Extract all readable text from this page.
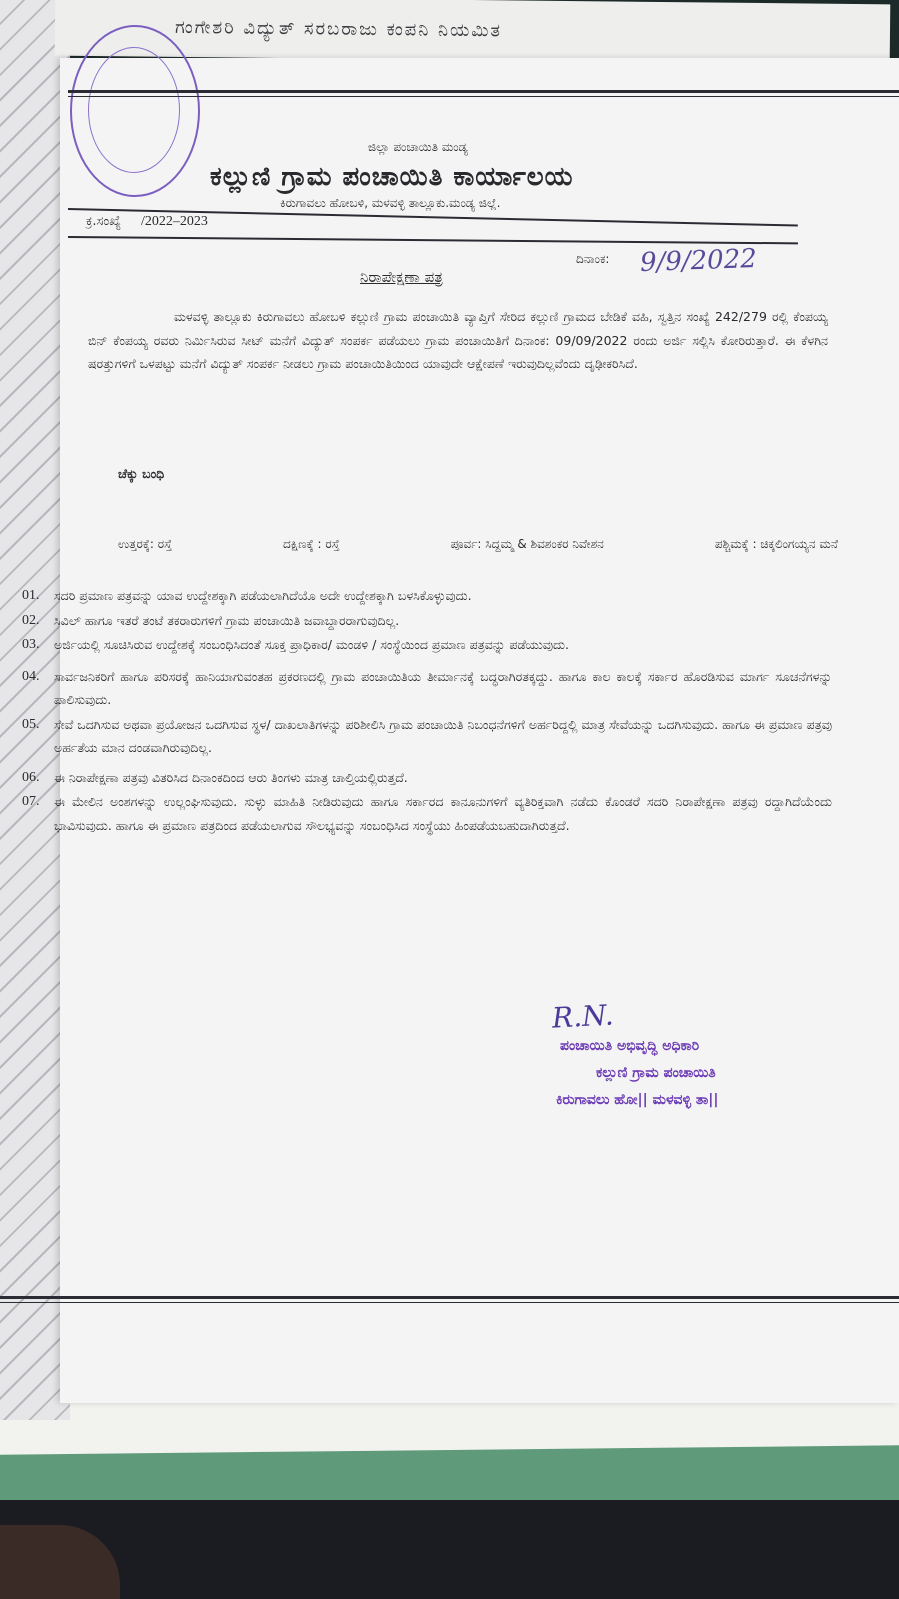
ಗಂಗೇಶರಿ ವಿದ್ಯುತ್ ಸರಬರಾಜು ಕಂಪನಿ ನಿಯಮಿತ
ಜಿಲ್ಲಾ ಪಂಚಾಯಿತಿ ಮಂಡ್ಯ
ಕಲ್ಲುಣಿ ಗ್ರಾಮ ಪಂಚಾಯಿತಿ ಕಾರ್ಯಾಲಯ
ಕಿರುಗಾವಲು ಹೋಬಳಿ, ಮಳವಳ್ಳಿ ತಾಲ್ಲೂಕು.ಮಂಡ್ಯ ಜಿಲ್ಲೆ.
ಕ್ರ.ಸಂಖ್ಯೆ /2022–2023
ದಿನಾಂಕ: 9/9/2022
ನಿರಾಪೇಕ್ಷಣಾ ಪತ್ರ
ಮಳವಳ್ಳಿ ತಾಲ್ಲೂಕು ಕಿರುಗಾವಲು ಹೋಬಳಿ ಕಲ್ಲುಣಿ ಗ್ರಾಮ ಪಂಚಾಯಿತಿ ವ್ಯಾಪ್ತಿಗೆ ಸೇರಿದ ಕಲ್ಲುಣಿ ಗ್ರಾಮದ ಬೇಡಿಕೆ ವಹಿ, ಸ್ವತ್ತಿನ ಸಂಖ್ಯೆ 242/279 ರಲ್ಲಿ ಕೆಂಪಯ್ಯ ಬಿನ್ ಕೆಂಪಯ್ಯ ರವರು ನಿರ್ಮಿಸಿರುವ ಸೀಟ್ ಮನೆಗೆ ವಿದ್ಯುತ್ ಸಂಪರ್ಕ ಪಡೆಯಲು ಗ್ರಾಮ ಪಂಚಾಯಿತಿಗೆ ದಿನಾಂಕ: 09/09/2022 ರಂದು ಅರ್ಜಿ ಸಲ್ಲಿಸಿ ಕೋರಿರುತ್ತಾರೆ. ಈ ಕೆಳಗಿನ ಷರತ್ತುಗಳಿಗೆ ಒಳಪಟ್ಟು ಮನೆಗೆ ವಿದ್ಯುತ್ ಸಂಪರ್ಕ ನೀಡಲು ಗ್ರಾಮ ಪಂಚಾಯಿತಿಯಿಂದ ಯಾವುದೇ ಆಕ್ಷೇಪಣೆ ಇರುವುದಿಲ್ಲವೆಂದು ದೃಢೀಕರಿಸಿದೆ.
ಚೆಕ್ಕು ಬಂಧಿ
ಉತ್ತರಕ್ಕೆ: ರಸ್ತೆ	ದಕ್ಷಿಣಕ್ಕೆ : ರಸ್ತೆ	ಪೂರ್ವ: ಸಿದ್ದಮ್ಮ & ಶಿವಶಂಕರ ನಿವೇಶನ	ಪಶ್ಚಿಮಕ್ಕೆ : ಚಿಕ್ಕಲಿಂಗಯ್ಯನ ಮನೆ
01.	ಸದರಿ ಪ್ರಮಾಣ ಪತ್ರವನ್ನು ಯಾವ ಉದ್ದೇಶಕ್ಕಾಗಿ ಪಡೆಯಲಾಗಿದೆಯೊ ಅದೇ ಉದ್ದೇಶಕ್ಕಾಗಿ ಬಳಸಿಕೊಳ್ಳುವುದು.
02.	ಸಿವಿಲ್ ಹಾಗೂ ಇತರೆ ತಂಟೆ ತಕರಾರುಗಳಿಗೆ ಗ್ರಾಮ ಪಂಚಾಯಿತಿ ಜವಾಬ್ದಾರರಾಗುವುದಿಲ್ಲ.
03.	ಅರ್ಜಿಯಲ್ಲಿ ಸೂಚಿಸಿರುವ ಉದ್ದೇಶಕ್ಕೆ ಸಂಬಂಧಿಸಿದಂತೆ ಸೂಕ್ತ ಪ್ರಾಧಿಕಾರ/ ಮಂಡಳಿ / ಸಂಸ್ಥೆಯಿಂದ ಪ್ರಮಾಣ ಪತ್ರವನ್ನು ಪಡೆಯುವುದು.
04.	ಸಾರ್ವಜನಿಕರಿಗೆ ಹಾಗೂ ಪರಿಸರಕ್ಕೆ ಹಾನಿಯಾಗುವಂತಹ ಪ್ರಕರಣದಲ್ಲಿ ಗ್ರಾಮ ಪಂಚಾಯಿತಿಯ ತೀರ್ಮಾನಕ್ಕೆ ಬದ್ಧರಾಗಿರತಕ್ಕದ್ದು. ಹಾಗೂ ಕಾಲ ಕಾಲಕ್ಕೆ ಸರ್ಕಾರ ಹೊರಡಿಸುವ ಮಾರ್ಗ ಸೂಚನೆಗಳನ್ನು ಪಾಲಿಸುವುದು.
05.	ಸೇವೆ ಒದಗಿಸುವ ಅಥವಾ ಪ್ರಯೋಜನ ಒದಗಿಸುವ ಸ್ಥಳ/ ದಾಖಲಾತಿಗಳನ್ನು ಪರಿಶೀಲಿಸಿ ಗ್ರಾಮ ಪಂಚಾಯಿತಿ ನಿಬಂಧನೆಗಳಿಗೆ ಅರ್ಹರಿದ್ದಲ್ಲಿ ಮಾತ್ರ ಸೇವೆಯನ್ನು ಒದಗಿಸುವುದು. ಹಾಗೂ ಈ ಪ್ರಮಾಣ ಪತ್ರವು ಅರ್ಹತೆಯ ಮಾನ ದಂಡವಾಗಿರುವುದಿಲ್ಲ.
06.	ಈ ನಿರಾಪೇಕ್ಷಣಾ ಪತ್ರವು ವಿತರಿಸಿದ ದಿನಾಂಕದಿಂದ ಆರು ತಿಂಗಳು ಮಾತ್ರ ಚಾಲ್ತಿಯಲ್ಲಿರುತ್ತದೆ.
07.	ಈ ಮೇಲಿನ ಅಂಶಗಳನ್ನು ಉಲ್ಲಂಘಿಸುವುದು. ಸುಳ್ಳು ಮಾಹಿತಿ ನೀಡಿರುವುದು ಹಾಗೂ ಸರ್ಕಾರದ ಕಾನೂನುಗಳಿಗೆ ವ್ಯತಿರಿಕ್ತವಾಗಿ ನಡೆದು ಕೊಂಡರೆ ಸದರಿ ನಿರಾಪೇಕ್ಷಣಾ ಪತ್ರವು ರದ್ದಾಗಿದೆಯೆಂದು ಭಾವಿಸುವುದು. ಹಾಗೂ ಈ ಪ್ರಮಾಣ ಪತ್ರದಿಂದ ಪಡೆಯಲಾಗುವ ಸೌಲಭ್ಯವನ್ನು ಸಂಬಂಧಿಸಿದ ಸಂಸ್ಥೆಯು ಹಿಂಪಡೆಯಬಹುದಾಗಿರುತ್ತದೆ.
R.N.
ಪಂಚಾಯಿತಿ ಅಭಿವೃದ್ಧಿ ಅಧಿಕಾರಿ
ಕಲ್ಲುಣಿ ಗ್ರಾಮ ಪಂಚಾಯಿತಿ
ಕಿರುಗಾವಲು ಹೋ|| ಮಳವಳ್ಳಿ ತಾ||
